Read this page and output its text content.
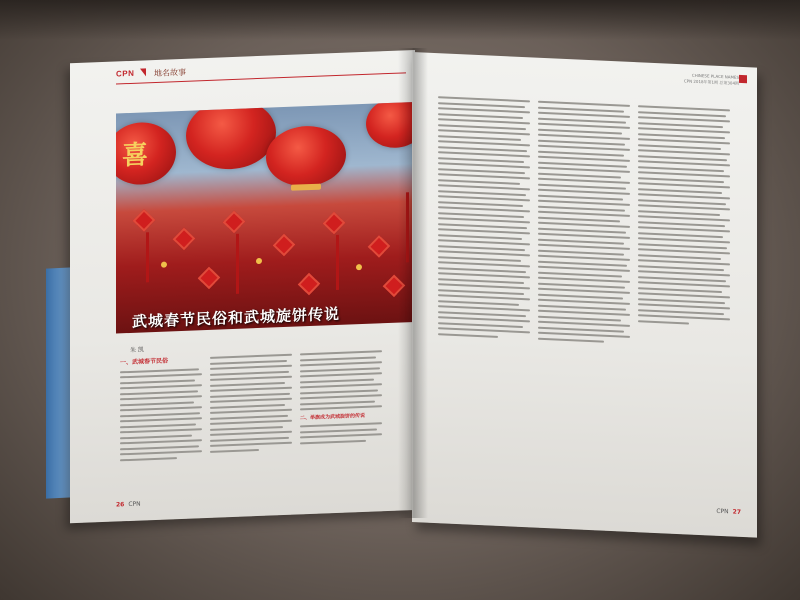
CPN 地名故事
喜
武城春节民俗和武城旋饼传说
朱 凯
一、武城春节民俗
二、举旗成为武城旋饼的传说
26 CPN
CHINESE PLACE NAMES
CPN 2018年第1期 总第304期
CPN 27
